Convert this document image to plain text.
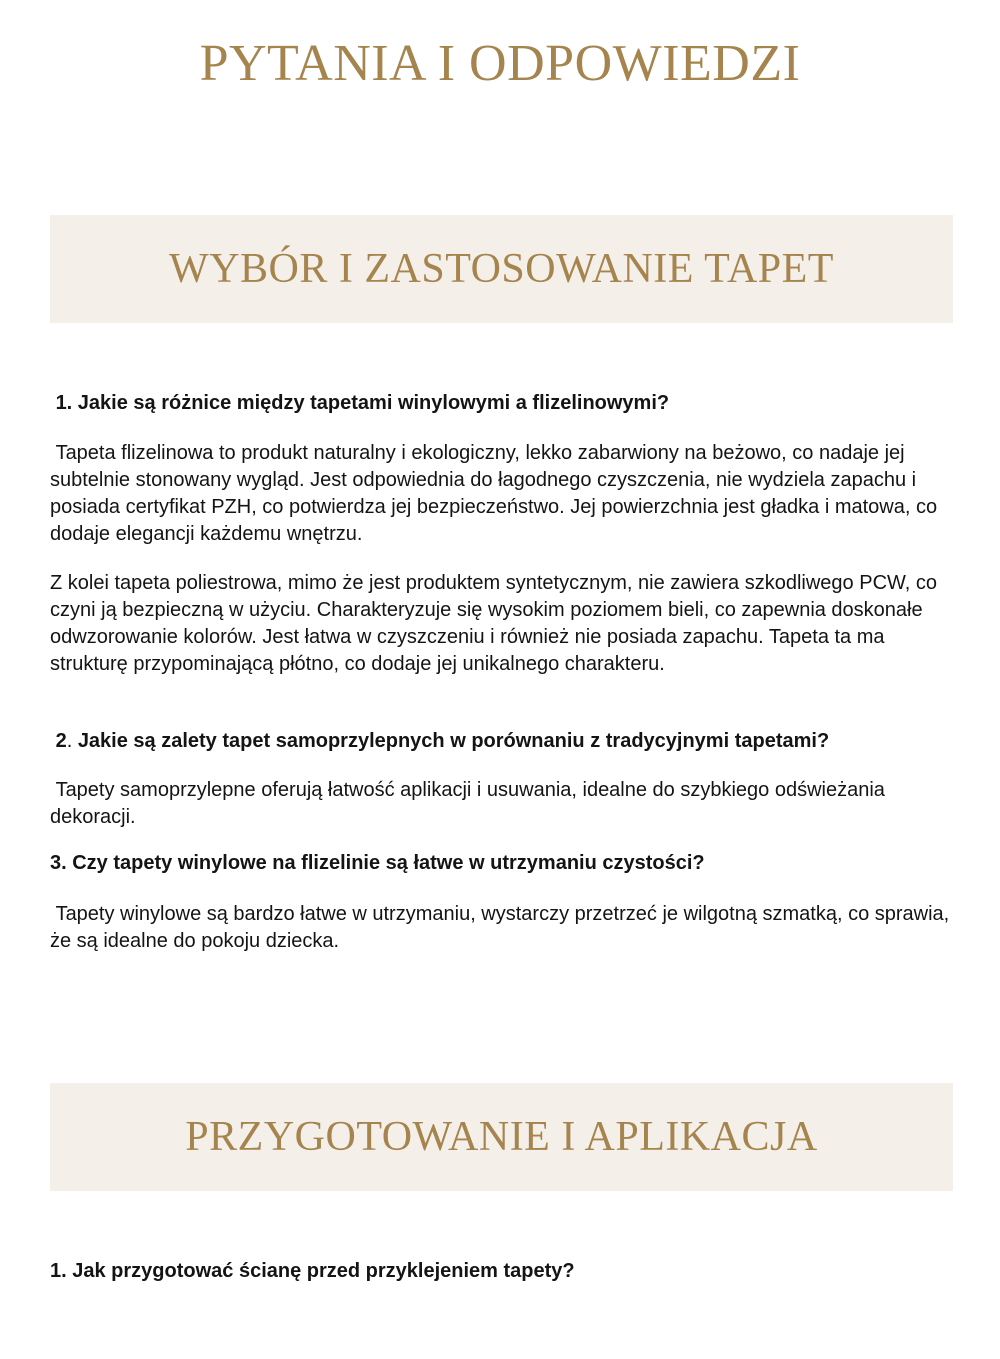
PYTANIA I ODPOWIEDZI
WYBÓR I ZASTOSOWANIE TAPET
1. Jakie są różnice między tapetami winylowymi a flizelinowymi?

Tapeta flizelinowa to produkt naturalny i ekologiczny, lekko zabarwiony na beżowo, co nadaje jej subtelnie stonowany wygląd. Jest odpowiednia do łagodnego czyszczenia, nie wydziela zapachu i posiada certyfikat PZH, co potwierdza jej bezpieczeństwo. Jej powierzchnia jest gładka i matowa, co dodaje elegancji każdemu wnętrzu.

Z kolei tapeta poliestrowa, mimo że jest produktem syntetycznym, nie zawiera szkodliwego PCW, co czyni ją bezpieczną w użyciu. Charakteryzuje się wysokim poziomem bieli, co zapewnia doskonałe odwzorowanie kolorów. Jest łatwa w czyszczeniu i również nie posiada zapachu. Tapeta ta ma strukturę przypominającą płótno, co dodaje jej unikalnego charakteru.

2. Jakie są zalety tapet samoprzylepnych w porównaniu z tradycyjnymi tapetami?

Tapety samoprzylepne oferują łatwość aplikacji i usuwania, idealne do szybkiego odświeżania dekoracji.

3. Czy tapety winylowe na flizelinie są łatwe w utrzymaniu czystości?

Tapety winylowe są bardzo łatwe w utrzymaniu, wystarczy przetrzeć je wilgotną szmatką, co sprawia, że są idealne do pokoju dziecka.

PRZYGOTOWANIE I APLIKACJA
1. Jak przygotować ścianę przed przyklejeniem tapety?
